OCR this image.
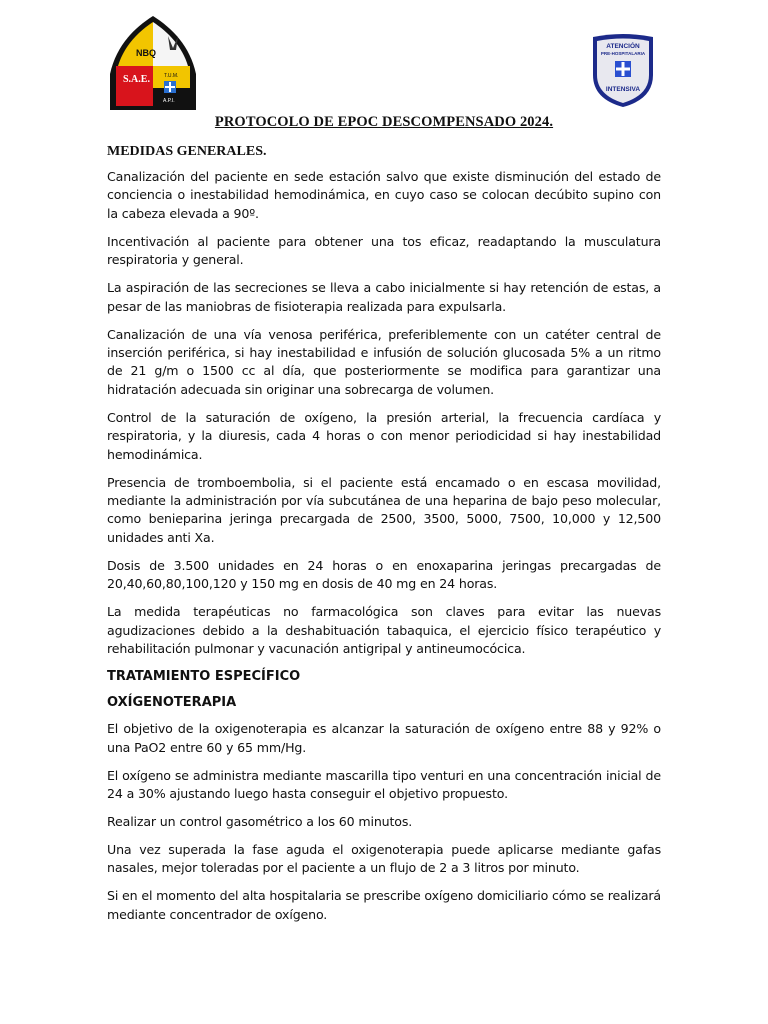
NBQ
S.A.E.	T.U.M.
A.P.I.
ATENCIÓN
PRE-HOSPITALARIA
INTENSIVA
PROTOCOLO DE EPOC DESCOMPENSADO 2024.
MEDIDAS GENERALES.

Canalización del paciente en sede estación salvo que existe disminución del estado de conciencia o inestabilidad hemodinámica, en cuyo caso se colocan decúbito supino con la cabeza elevada a 90º.

Incentivación al paciente para obtener una tos eficaz, readaptando la musculatura respiratoria y general.

La aspiración de las secreciones se lleva a cabo inicialmente si hay retención de estas, a pesar de las maniobras de fisioterapia realizada para expulsarla.

Canalización de una vía venosa periférica, preferiblemente con un catéter central de inserción periférica, si hay inestabilidad e infusión de solución glucosada 5% a un ritmo de 21 g/m o 1500 cc al día, que posteriormente se modifica para garantizar una hidratación adecuada sin originar una sobrecarga de volumen.

Control de la saturación de oxígeno, la presión arterial, la frecuencia cardíaca y respiratoria, y la diuresis, cada 4 horas o con menor periodicidad si hay inestabilidad hemodinámica.

Presencia de tromboembolia, si el paciente está encamado o en escasa movilidad, mediante la administración por vía subcutánea de una heparina de bajo peso molecular, como benieparina jeringa precargada de 2500, 3500, 5000, 7500, 10,000 y 12,500 unidades anti Xa.

Dosis de 3.500 unidades en 24 horas o en enoxaparina jeringas precargadas de 20,40,60,80,100,120 y 150 mg en dosis de 40 mg en 24 horas.

La medida terapéuticas no farmacológica son claves para evitar las nuevas agudizaciones debido a la deshabituación tabaquica, el ejercicio físico terapéutico y rehabilitación pulmonar y vacunación antigripal y antineumocócica.

TRATAMIENTO ESPECÍFICO
OXÍGENOTERAPIA

El objetivo de la oxigenoterapia es alcanzar la saturación de oxígeno entre 88 y 92% o una PaO2 entre 60 y 65 mm/Hg.

El oxígeno se administra mediante mascarilla tipo venturi en una concentración inicial de 24 a 30% ajustando luego hasta conseguir el objetivo propuesto.

Realizar un control gasométrico a los 60 minutos.

Una vez superada la fase aguda el oxigenoterapia puede aplicarse mediante gafas nasales, mejor toleradas por el paciente a un flujo de 2 a 3 litros por minuto.

Si en el momento del alta hospitalaria se prescribe oxígeno domiciliario cómo se realizará mediante concentrador de oxígeno.
